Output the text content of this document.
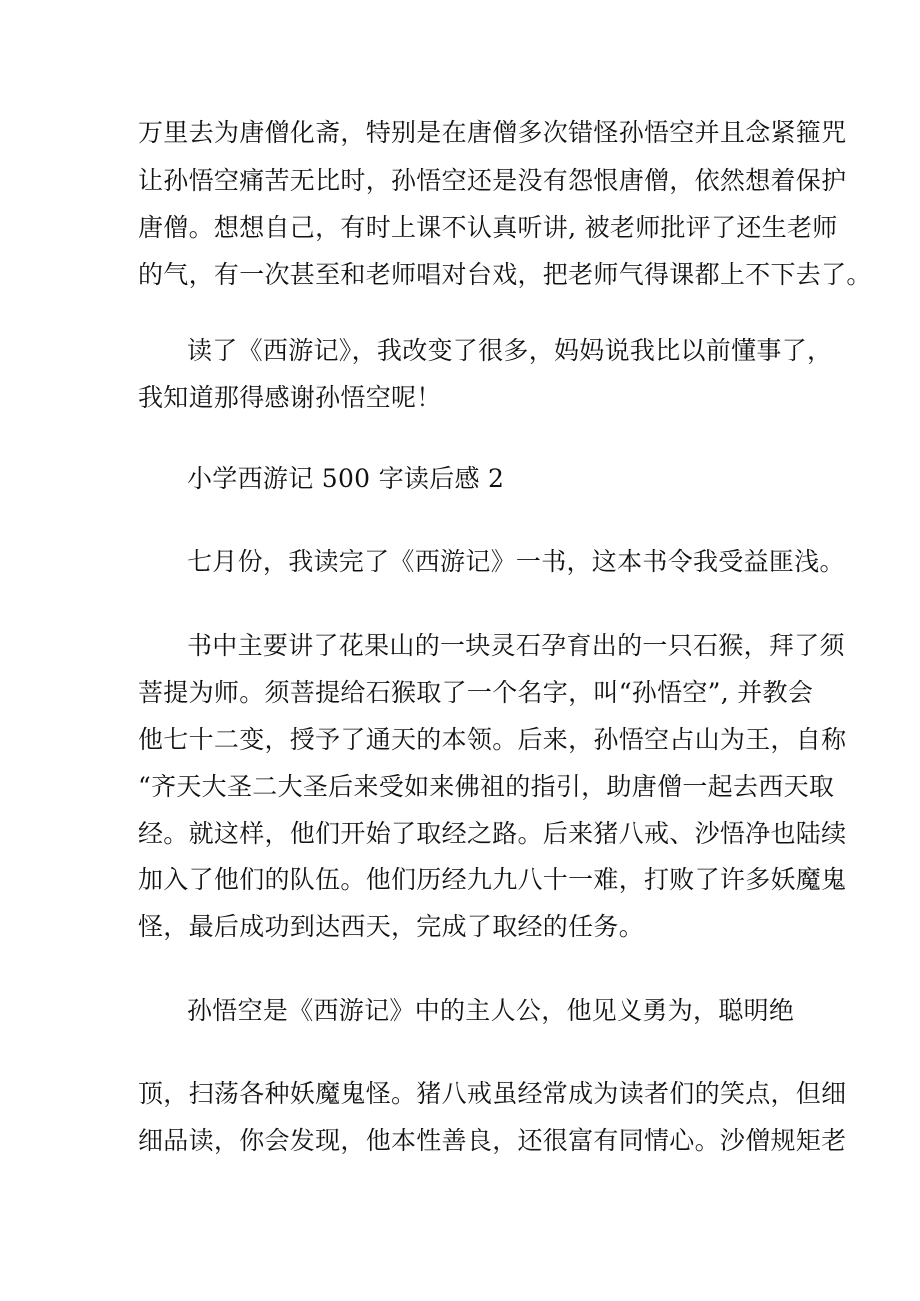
万里去为唐僧化斋，特别是在唐僧多次错怪孙悟空并且念紧箍咒
让孙悟空痛苦无比时，孙悟空还是没有怨恨唐僧，依然想着保护
唐僧。想想自己，有时上课不认真听讲, 被老师批评了还生老师
的气，有一次甚至和老师唱对台戏，把老师气得课都上不下去了。
读了《西游记》，我改变了很多，妈妈说我比以前懂事了，
我知道那得感谢孙悟空呢！
小学西游记 500 字读后感 2
七月份，我读完了《西游记》一书，这本书令我受益匪浅。
书中主要讲了花果山的一块灵石孕育出的一只石猴，拜了须
菩提为师。须菩提给石猴取了一个名字，叫“孙悟空”, 并教会
他七十二变，授予了通天的本领。后来，孙悟空占山为王，自称
“齐天大圣二大圣后来受如来佛祖的指引，助唐僧一起去西天取
经。就这样，他们开始了取经之路。后来猪八戒、沙悟净也陆续
加入了他们的队伍。他们历经九九八十一难，打败了许多妖魔鬼
怪，最后成功到达西天，完成了取经的任务。
孙悟空是《西游记》中的主人公，他见义勇为，聪明绝
顶，扫荡各种妖魔鬼怪。猪八戒虽经常成为读者们的笑点，但细
细品读，你会发现，他本性善良，还很富有同情心。沙僧规矩老
